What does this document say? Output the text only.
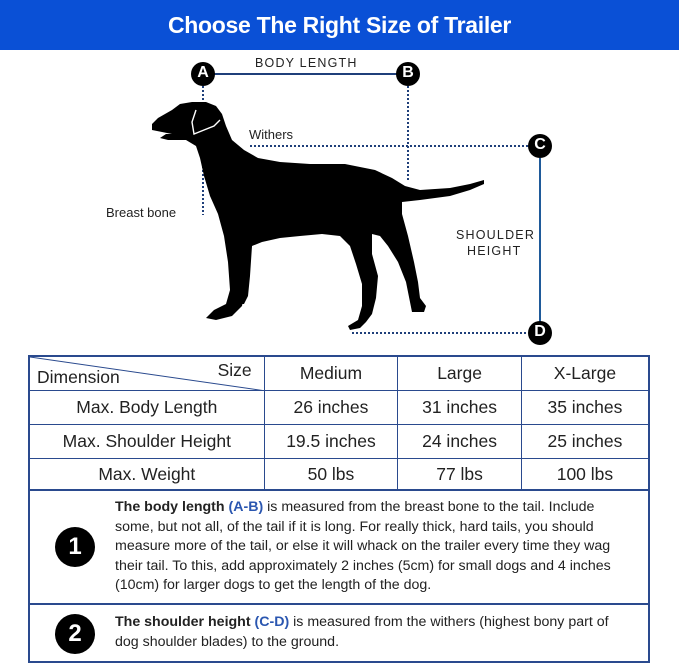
Choose The Right Size of Trailer
A	B
C
D
BODY LENGTH
Withers
Breast bone
SHOULDER
HEIGHT
Size
Dimension	Medium	Large	X-Large
Max. Body Length	26 inches	31 inches	35 inches
Max. Shoulder Height	19.5 inches	24 inches	25 inches
Max. Weight	50 lbs	77 lbs	100 lbs
1
The body length (A-B) is measured from the breast bone to the tail. Include some, but not all, of the tail if it is long. For really thick, hard tails, you should measure more of the tail, or else it will whack on the trailer every time they wag their tail. To this, add approximately 2 inches (5cm) for small dogs and 4 inches (10cm) for larger dogs to get the length of the dog.
2	The shoulder height (C-D) is measured from the withers (highest bony part of dog shoulder blades) to the ground.
